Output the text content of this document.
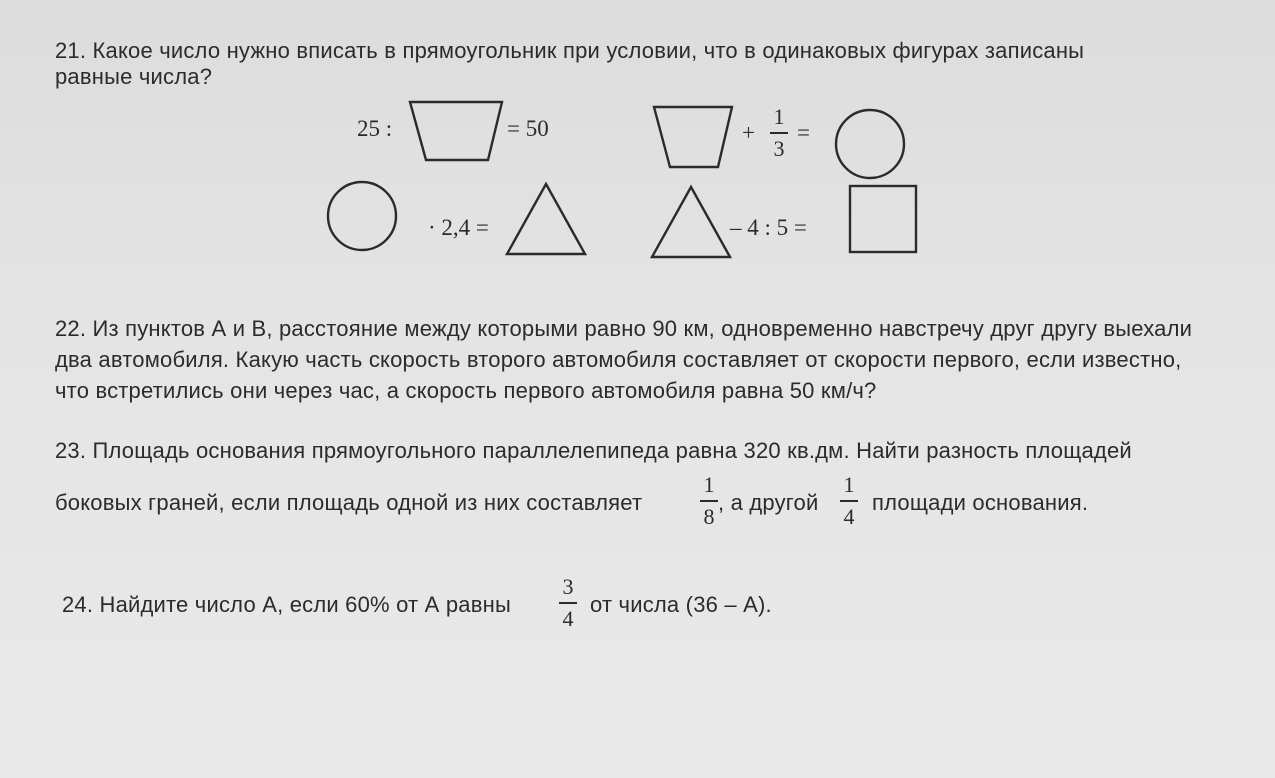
21. Какое число нужно вписать в прямоугольник при условии, что в одинаковых фигурах записаны
равные числа?
25 :	= 50	+
1
3
=
· 2,4 =	– 4 : 5 =
22. Из пунктов А и В, расстояние между которыми равно 90 км, одновременно навстречу друг другу выехали
два автомобиля. Какую часть скорость второго автомобиля составляет от скорости первого, если известно,
что встретились они через час, а скорость первого автомобиля равна 50 км/ч?
23. Площадь основания прямоугольного параллелепипеда равна 320 кв.дм. Найти разность площадей
боковых граней, если площадь одной из них составляет
1
8
, а другой
1
4
площади основания.
24. Найдите число А, если 60% от А равны
3
4
от числа (36 – А).
